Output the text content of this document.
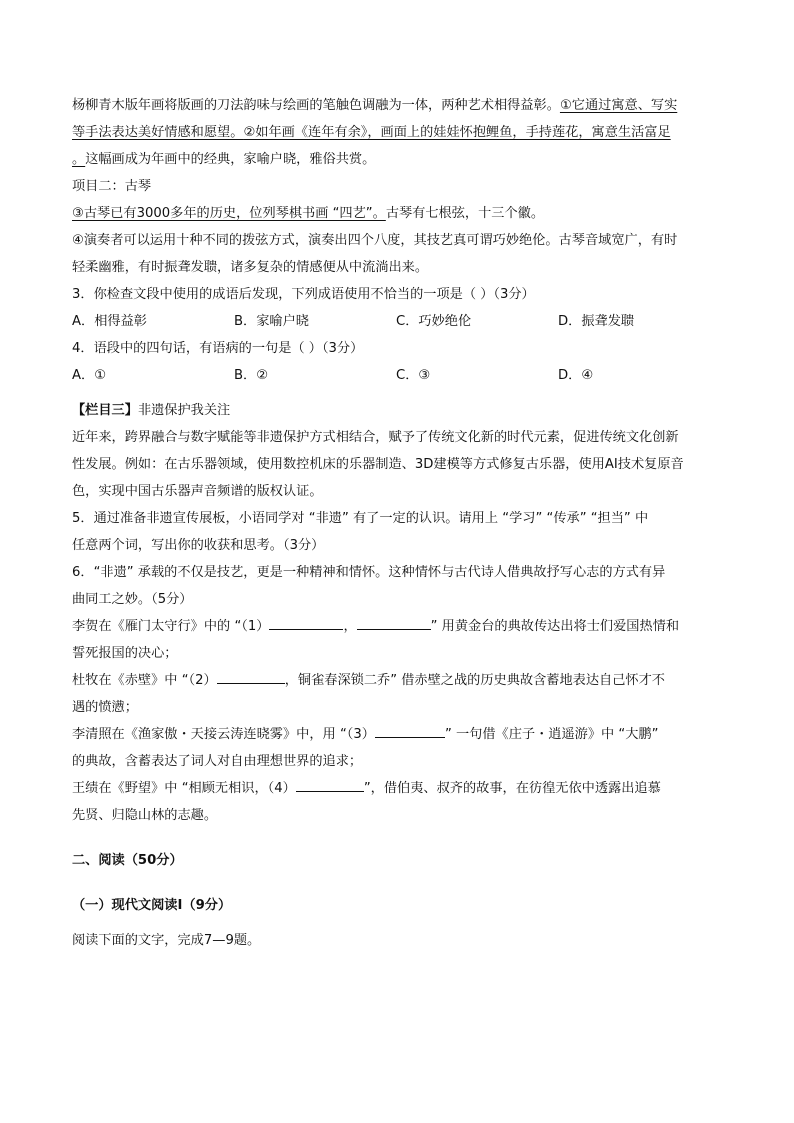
杨柳青木版年画将版画的刀法韵味与绘画的笔触色调融为一体，两种艺术相得益彰。①它通过寓意、写实

等手法表达美好情感和愿望。②如年画《连年有余》，画面上的娃娃怀抱鲤鱼，手持莲花，寓意生活富足

。这幅画成为年画中的经典，家喻户晓，雅俗共赏。

项目二：古琴

③古琴已有3000多年的历史，位列琴棋书画 “四艺”。古琴有七根弦，十三个徽。

④演奏者可以运用十种不同的拨弦方式，演奏出四个八度，其技艺真可谓巧妙绝伦。古琴音域宽广，有时

轻柔幽雅，有时振聋发聩，诸多复杂的情感便从中流淌出来。

3．你检查文段中使用的成语后发现，下列成语使用不恰当的一项是（ ）（3分）

A．相得益彰	B．家喻户晓	C．巧妙绝伦	D．振聋发聩

4．语段中的四句话，有语病的一句是（ ）（3分）

A．①	B．②	C．③	D．④

【栏目三】非遗保护我关注

近年来，跨界融合与数字赋能等非遗保护方式相结合，赋予了传统文化新的时代元素，促进传统文化创新

性发展。例如：在古乐器领域，使用数控机床的乐器制造、3D建模等方式修复古乐器，使用AI技术复原音

色，实现中国古乐器声音频谱的版权认证。

5．通过准备非遗宣传展板，小语同学对 “非遗” 有了一定的认识。请用上 “学习” “传承” “担当” 中

任意两个词，写出你的收获和思考。（3分）

6．“非遗” 承载的不仅是技艺，更是一种精神和情怀。这种情怀与古代诗人借典故抒写心志的方式有异

曲同工之妙。（5分）

李贺在《雁门太守行》中的 “（1）	，	” 用黄金台的典故传达出将士们爱国热情和

誓死报国的决心；

杜牧在《赤壁》中 “（2）	，铜雀春深锁二乔” 借赤壁之战的历史典故含蓄地表达自己怀才不

遇的愤懑；

李清照在《渔家傲・天接云涛连晓雾》中，用 “（3）	” 一句借《庄子・逍遥游》中 “大鹏”

的典故，含蓄表达了词人对自由理想世界的追求；

王绩在《野望》中 “相顾无相识，（4）	”，借伯夷、叔齐的故事，在彷徨无依中透露出追慕

先贤、归隐山林的志趣。

二、阅读（50分）

（一）现代文阅读Ⅰ（9分）

阅读下面的文字，完成7—9题。
